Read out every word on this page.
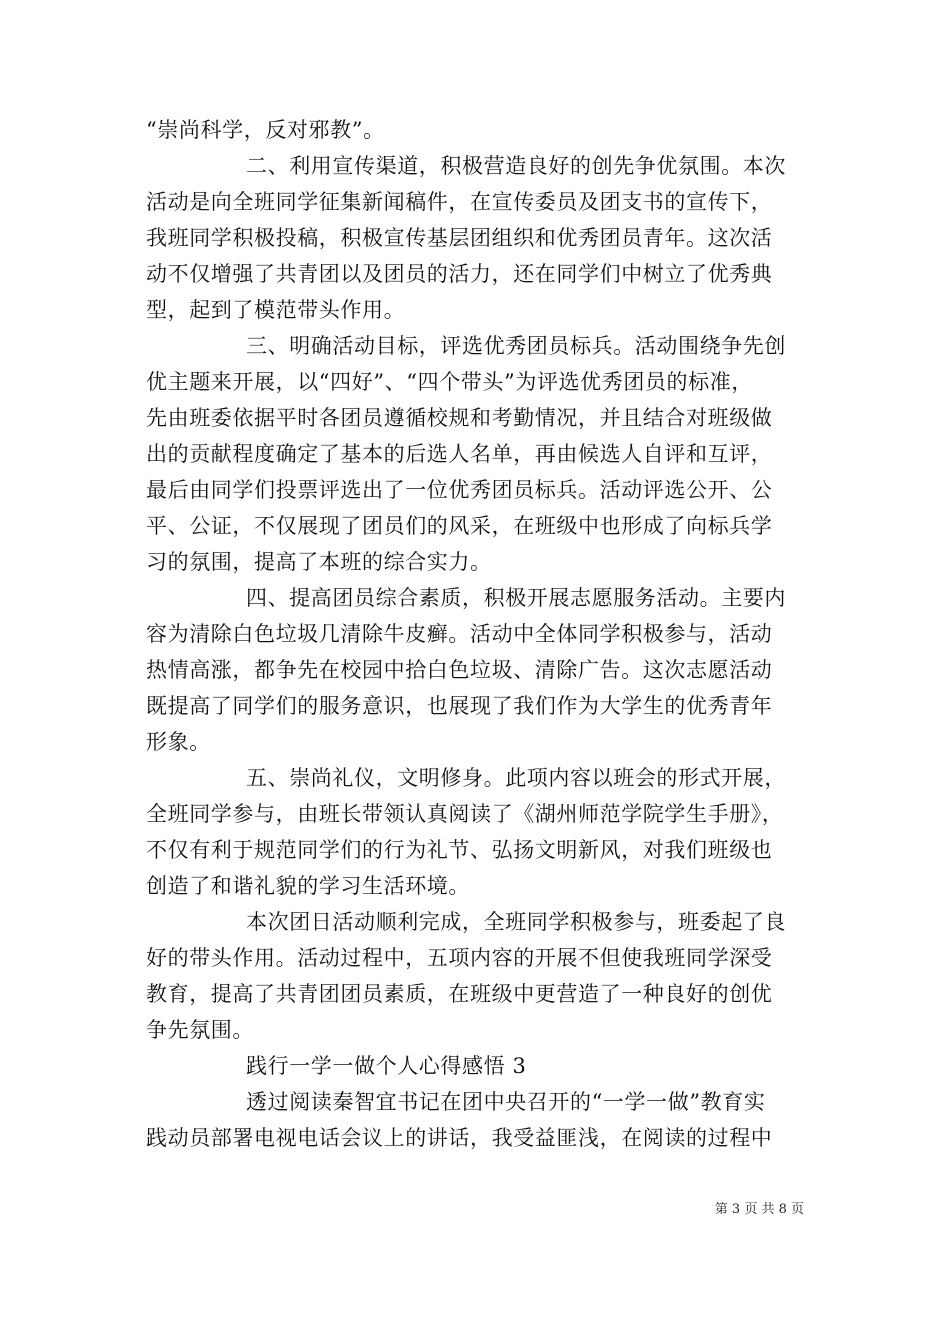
“崇尚科学，反对邪教”。
二、利用宣传渠道，积极营造良好的创先争优氛围。本次
活动是向全班同学征集新闻稿件，在宣传委员及团支书的宣传下，
我班同学积极投稿，积极宣传基层团组织和优秀团员青年。这次活
动不仅增强了共青团以及团员的活力，还在同学们中树立了优秀典
型，起到了模范带头作用。
三、明确活动目标，评选优秀团员标兵。活动围绕争先创
优主题来开展，以“四好”、“四个带头”为评选优秀团员的标准，
先由班委依据平时各团员遵循校规和考勤情况，并且结合对班级做
出的贡献程度确定了基本的后选人名单，再由候选人自评和互评，
最后由同学们投票评选出了一位优秀团员标兵。活动评选公开、公
平、公证，不仅展现了团员们的风采，在班级中也形成了向标兵学
习的氛围，提高了本班的综合实力。
四、提高团员综合素质，积极开展志愿服务活动。主要内
容为清除白色垃圾几清除牛皮癣。活动中全体同学积极参与，活动
热情高涨，都争先在校园中拾白色垃圾、清除广告。这次志愿活动
既提高了同学们的服务意识，也展现了我们作为大学生的优秀青年
形象。
五、崇尚礼仪，文明修身。此项内容以班会的形式开展，
全班同学参与，由班长带领认真阅读了《湖州师范学院学生手册》，
不仅有利于规范同学们的行为礼节、弘扬文明新风，对我们班级也
创造了和谐礼貌的学习生活环境。
本次团日活动顺利完成，全班同学积极参与，班委起了良
好的带头作用。活动过程中，五项内容的开展不但使我班同学深受
教育，提高了共青团团员素质，在班级中更营造了一种良好的创优
争先氛围。
践行一学一做个人心得感悟 3
透过阅读秦智宜书记在团中央召开的“一学一做”教育实
践动员部署电视电话会议上的讲话，我受益匪浅，在阅读的过程中
第 3 页 共 8 页
